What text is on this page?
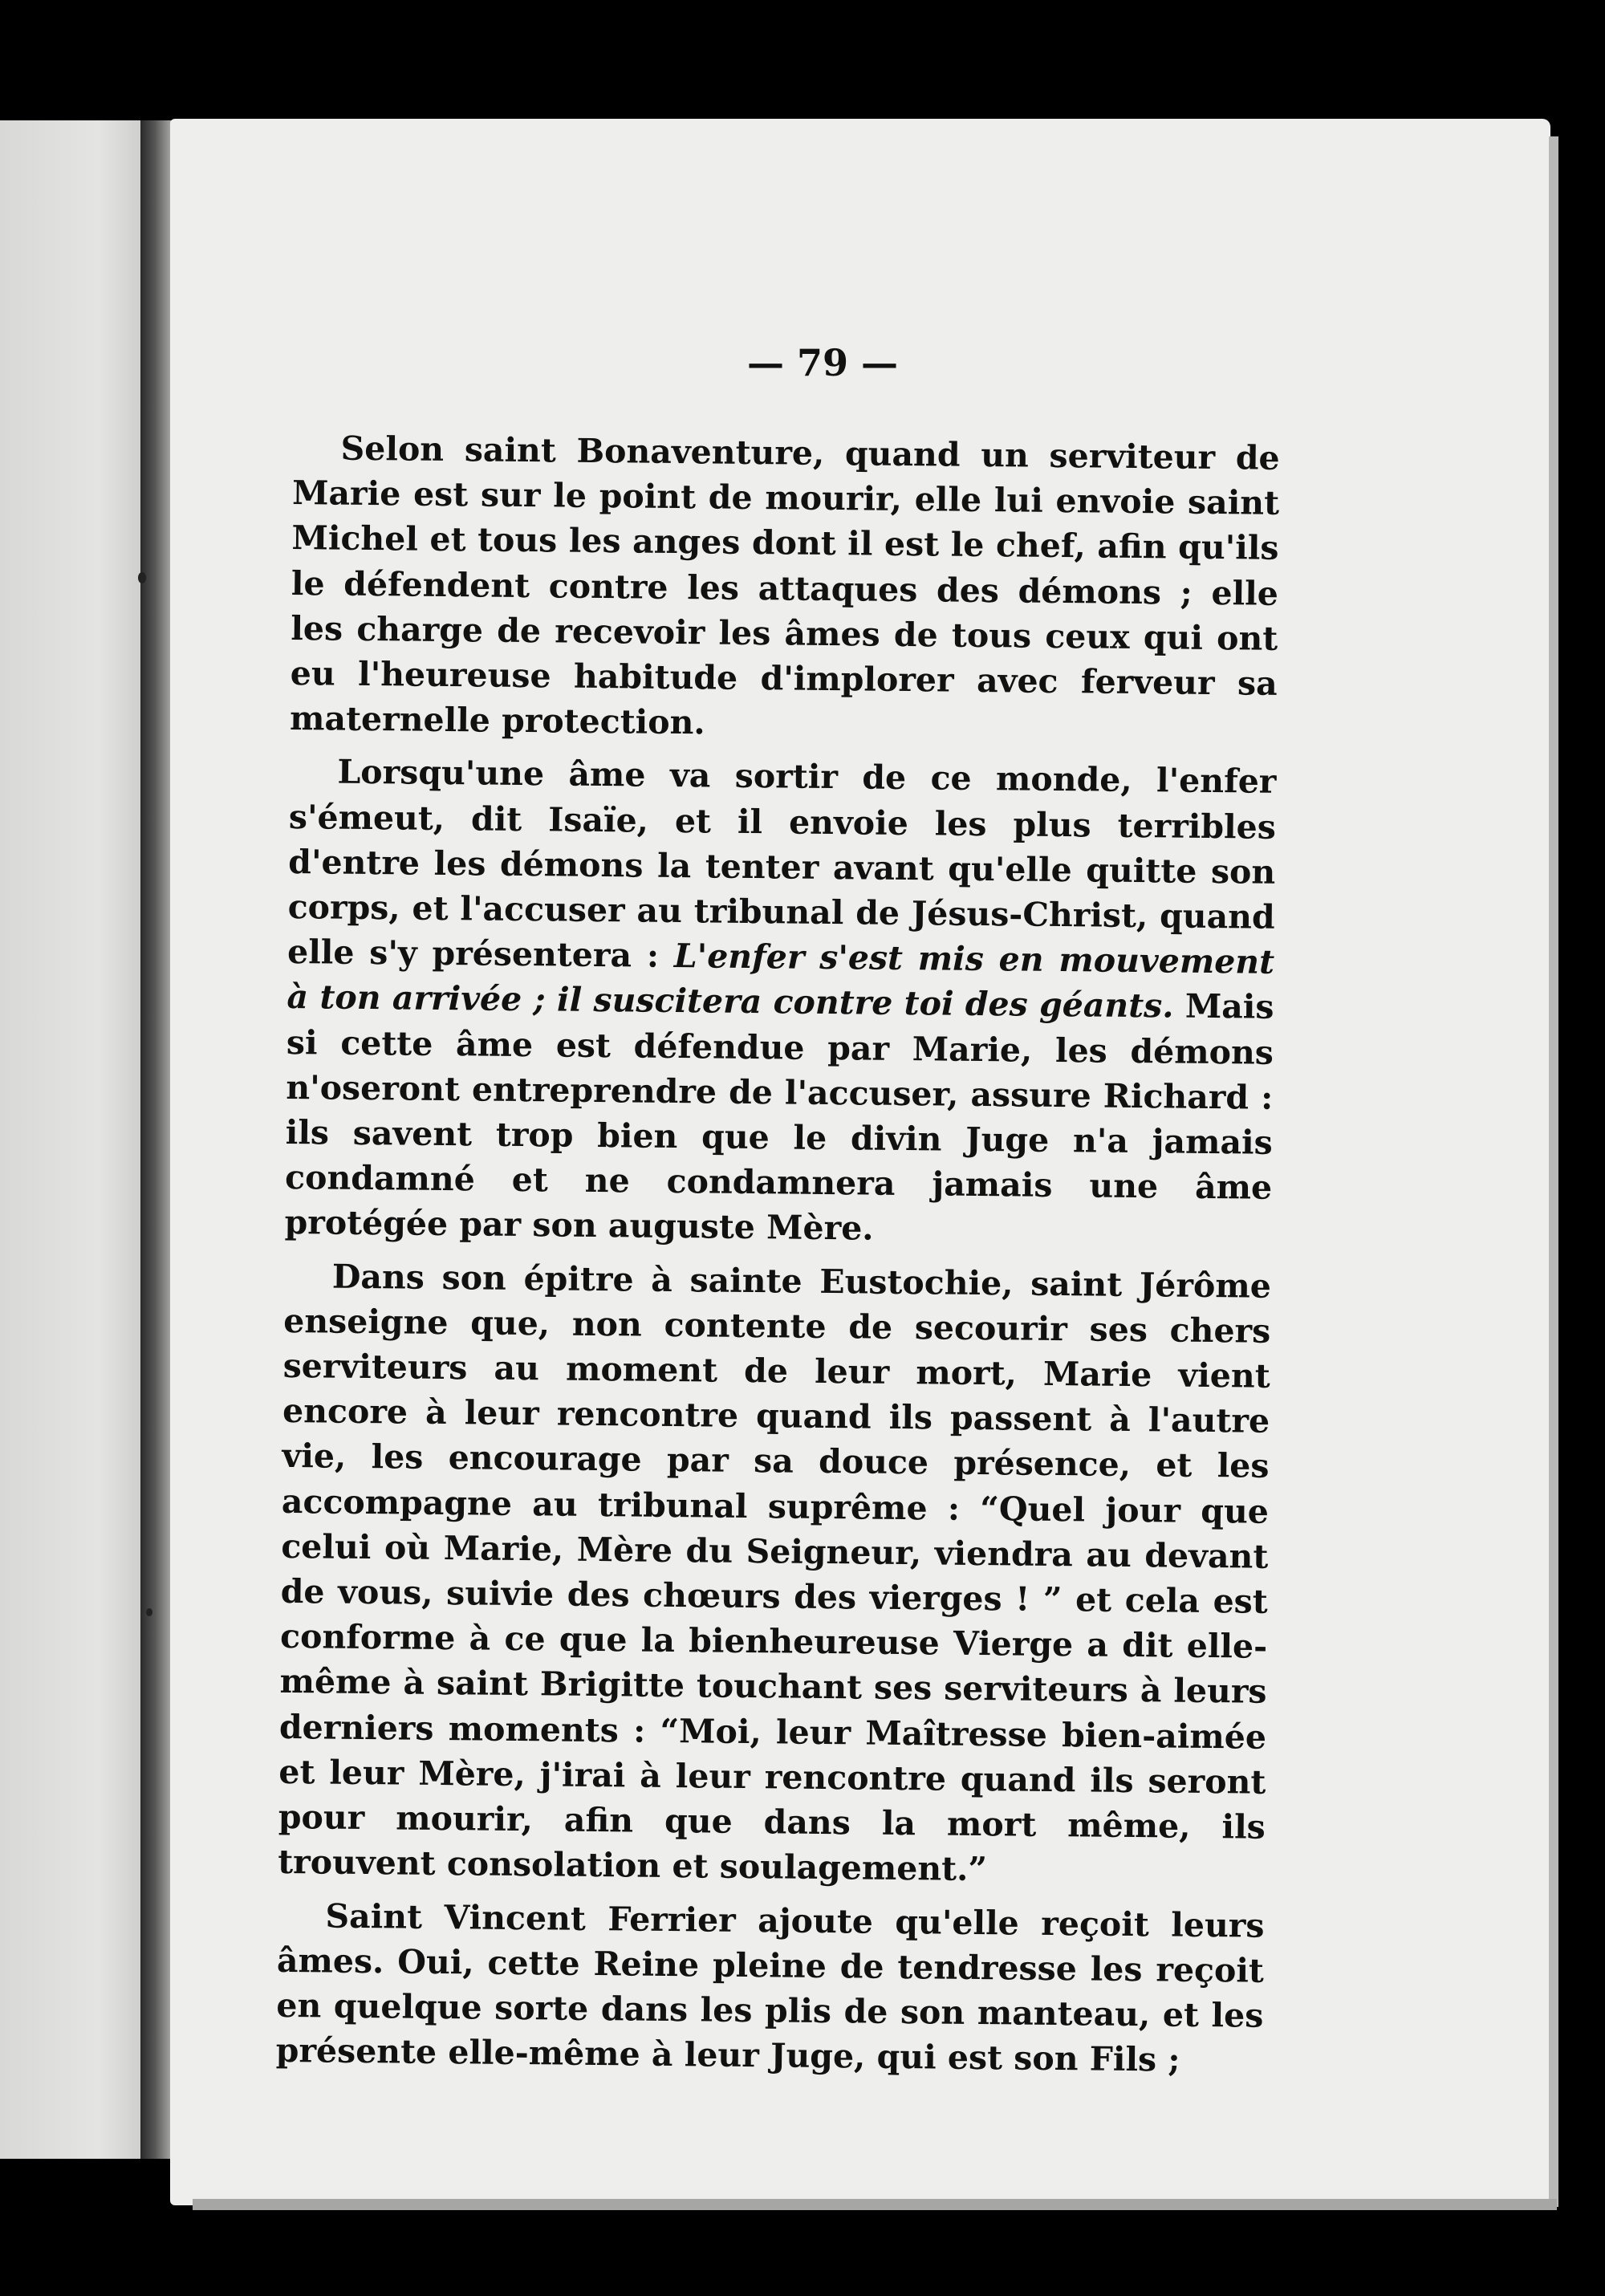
— 79 —

Selon saint Bonaventure, quand un serviteur de Marie est sur le point de mourir, elle lui envoie saint Michel et tous les anges dont il est le chef, afin qu'ils le défendent contre les attaques des démons ; elle les charge de recevoir les âmes de tous ceux qui ont eu l'heureuse habitude d'implorer avec ferveur sa maternelle protection.

Lorsqu'une âme va sortir de ce monde, l'enfer s'émeut, dit Isaïe, et il envoie les plus terribles d'entre les démons la tenter avant qu'elle quitte son corps, et l'accuser au tribunal de Jésus-Christ, quand elle s'y présentera : L'enfer s'est mis en mouvement à ton arrivée ; il suscitera contre toi des géants. Mais si cette âme est défendue par Marie, les démons n'oseront entreprendre de l'accuser, assure Richard : ils savent trop bien que le divin Juge n'a jamais condamné et ne condamnera jamais une âme protégée par son auguste Mère.

Dans son épitre à sainte Eustochie, saint Jérôme enseigne que, non contente de secourir ses chers serviteurs au moment de leur mort, Marie vient encore à leur rencontre quand ils passent à l'autre vie, les encourage par sa douce présence, et les accompagne au tribunal suprême : “Quel jour que celui où Marie, Mère du Seigneur, viendra au devant de vous, suivie des chœurs des vierges ! ” et cela est conforme à ce que la bienheureuse Vierge a dit elle-même à saint Brigitte touchant ses serviteurs à leurs derniers moments : “Moi, leur Maîtresse bien-aimée et leur Mère, j'irai à leur rencontre quand ils seront pour mourir, afin que dans la mort même, ils trouvent consolation et soulagement.”

Saint Vincent Ferrier ajoute qu'elle reçoit leurs âmes. Oui, cette Reine pleine de tendresse les reçoit en quelque sorte dans les plis de son manteau, et les présente elle-même à leur Juge, qui est son Fils ;
